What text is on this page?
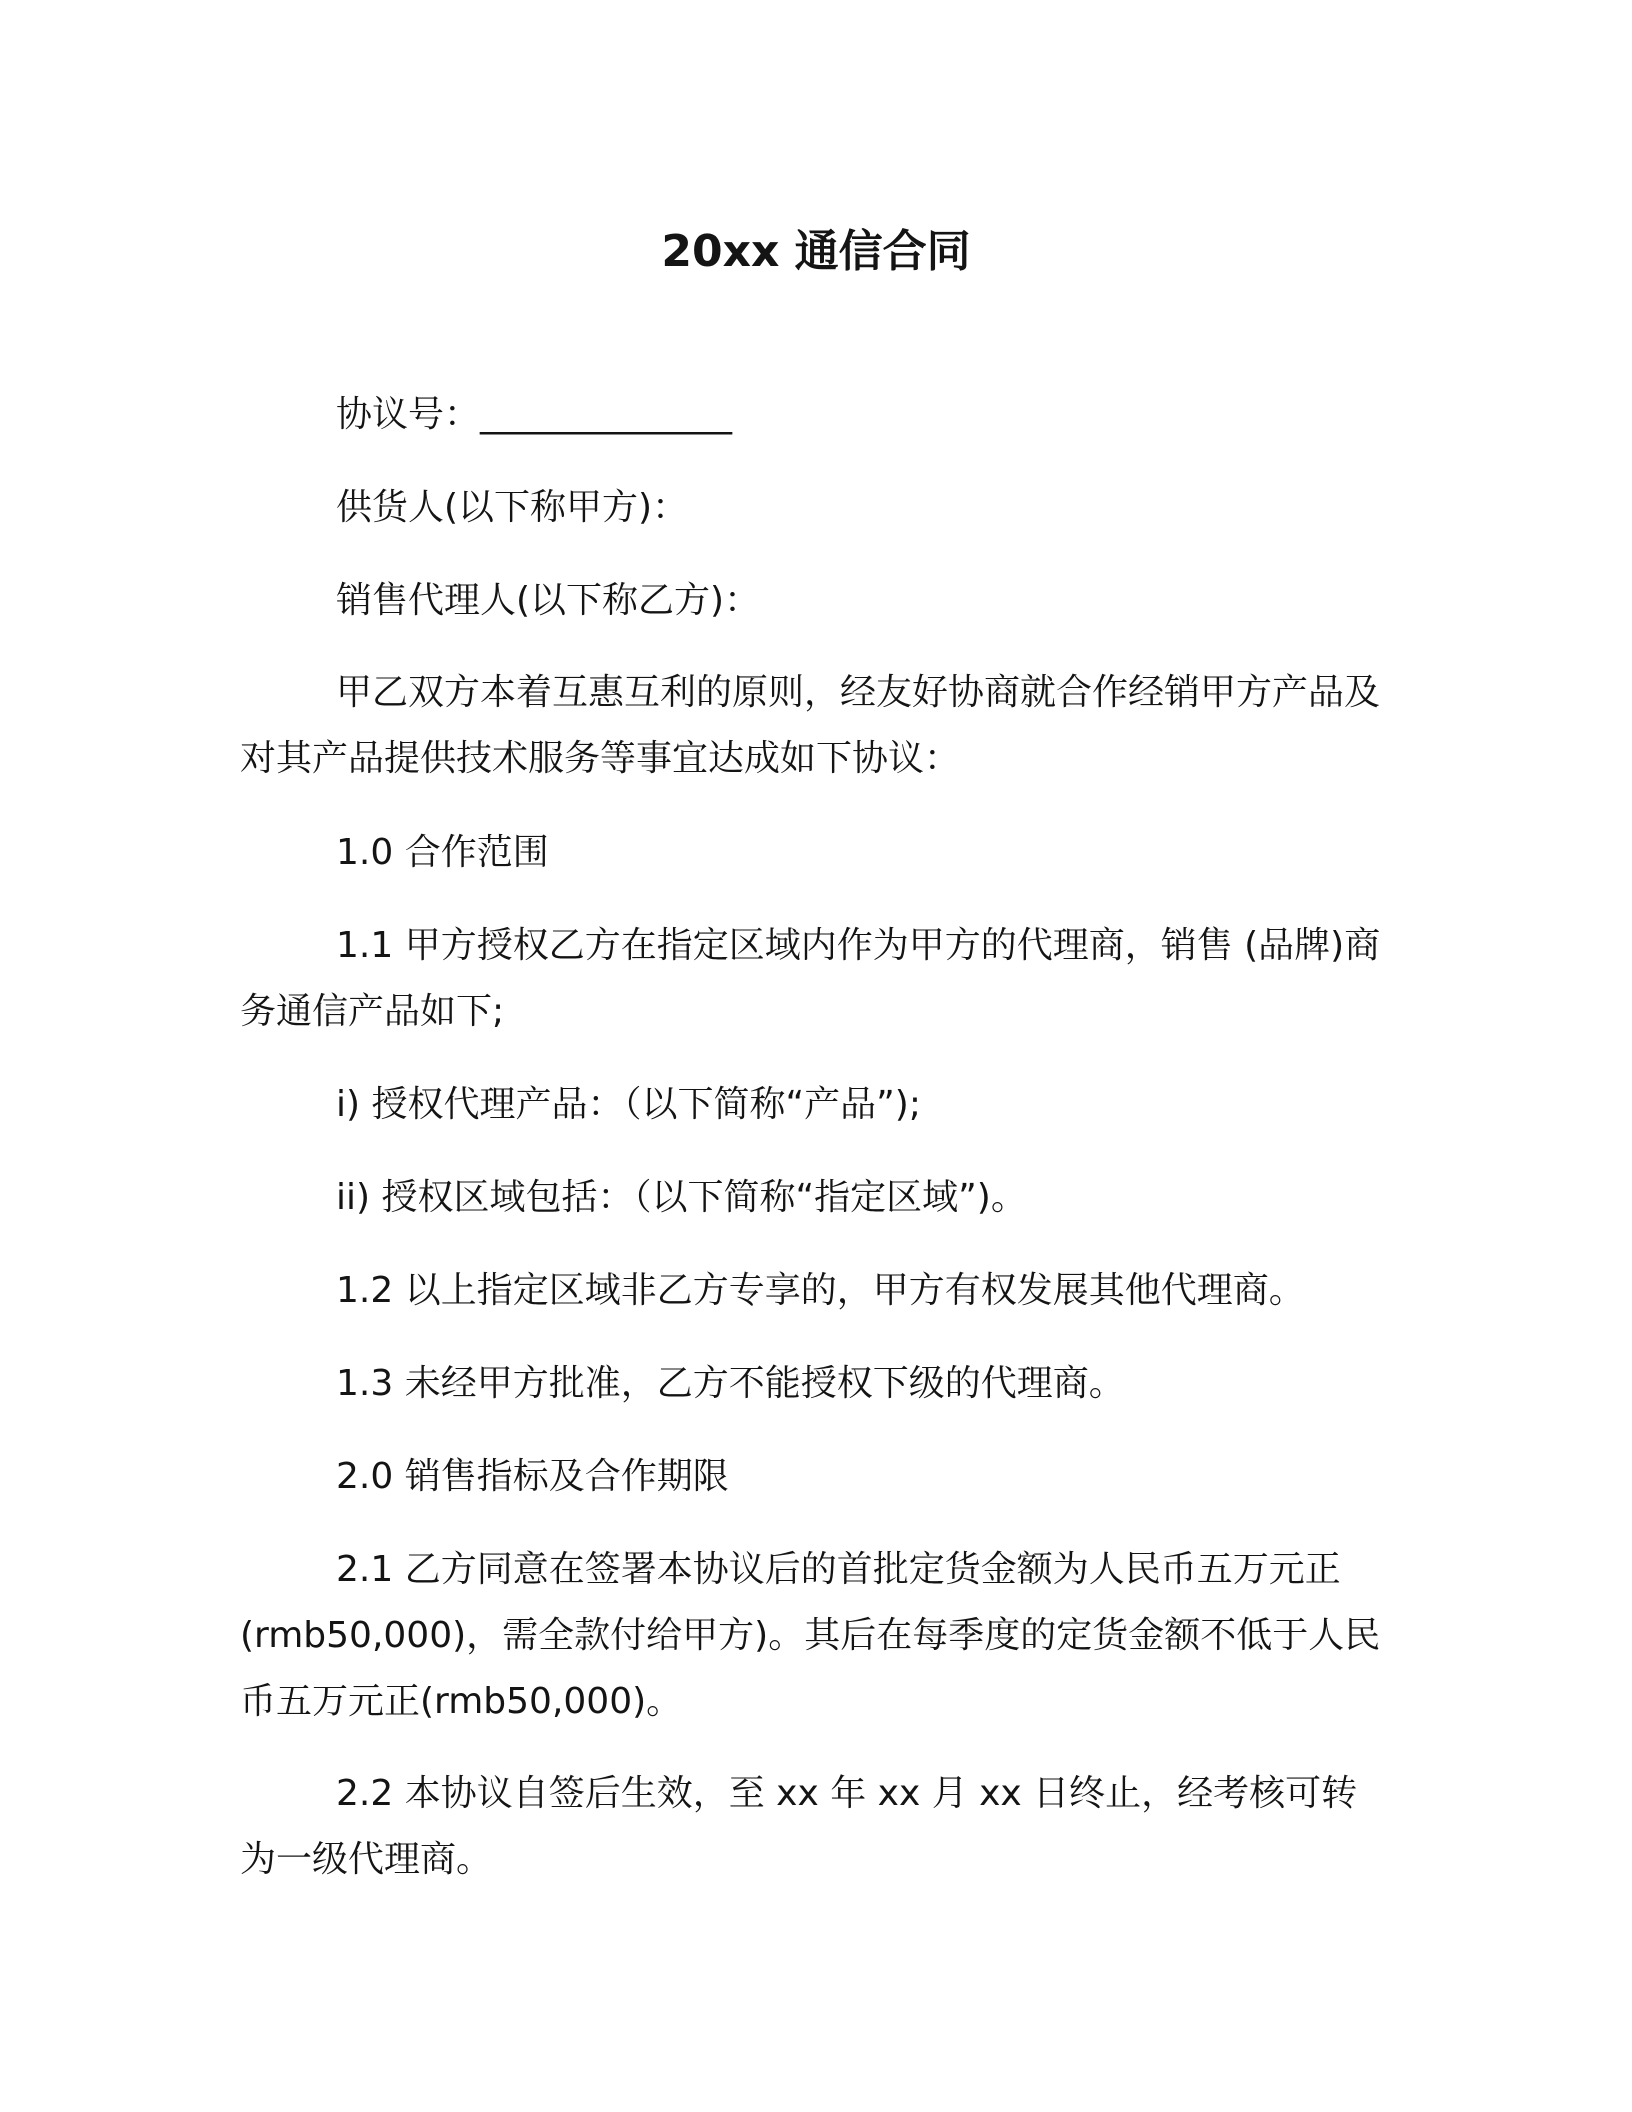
20xx 通信合同
协议号：______________
供货人(以下称甲方)：
销售代理人(以下称乙方)：
甲乙双方本着互惠互利的原则，经友好协商就合作经销甲方产品及对其产品提供技术服务等事宜达成如下协议：
1.0 合作范围
1.1 甲方授权乙方在指定区域内作为甲方的代理商，销售 (品牌)商务通信产品如下;
i) 授权代理产品：（以下简称“产品”);
ii) 授权区域包括：（以下简称“指定区域”)。
1.2 以上指定区域非乙方专享的，甲方有权发展其他代理商。
1.3 未经甲方批准，乙方不能授权下级的代理商。
2.0 销售指标及合作期限
2.1 乙方同意在签署本协议后的首批定货金额为人民币五万元正(rmb50,000)，需全款付给甲方)。其后在每季度的定货金额不低于人民币五万元正(rmb50,000)。
2.2 本协议自签后生效，至 xx 年 xx 月 xx 日终止，经考核可转为一级代理商。
